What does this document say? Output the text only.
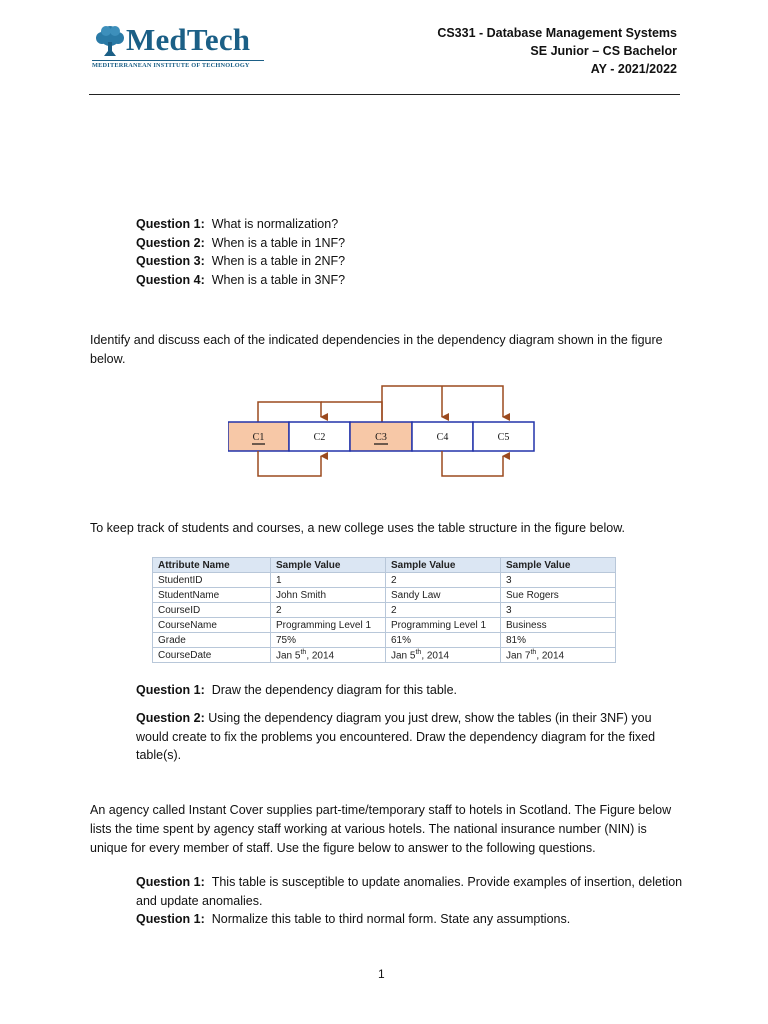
MedTech
MEDITERRANEAN INSTITUTE OF TECHNOLOGY
CS331 - Database Management Systems
SE Junior – CS Bachelor
AY - 2021/2022
Question 1: What is normalization?
Question 2: When is a table in 1NF?
Question 3: When is a table in 2NF?
Question 4: When is a table in 3NF?
Identify and discuss each of the indicated dependencies in the dependency diagram shown in the figure
below.
C1	C2	C3	C4	C5
To keep track of students and courses, a new college uses the table structure in the figure below.
Attribute Name	Sample Value	Sample Value	Sample Value
StudentID	1	2	3
StudentName	John Smith	Sandy Law	Sue Rogers
CourseID	2	2	3
CourseName	Programming Level 1	Programming Level 1	Business
Grade	75%	61%	81%
CourseDate	Jan 5th, 2014	Jan 5th, 2014	Jan 7th, 2014
Question 1: Draw the dependency diagram for this table.
Question 2: Using the dependency diagram you just drew, show the tables (in their 3NF) you
would create to fix the problems you encountered. Draw the dependency diagram for the fixed
table(s).
An agency called Instant Cover supplies part-time/temporary staff to hotels in Scotland. The Figure below
lists the time spent by agency staff working at various hotels. The national insurance number (NIN) is
unique for every member of staff. Use the figure below to answer to the following questions.
Question 1: This table is susceptible to update anomalies. Provide examples of insertion, deletion
and update anomalies.
Question 1: Normalize this table to third normal form. State any assumptions.
1
